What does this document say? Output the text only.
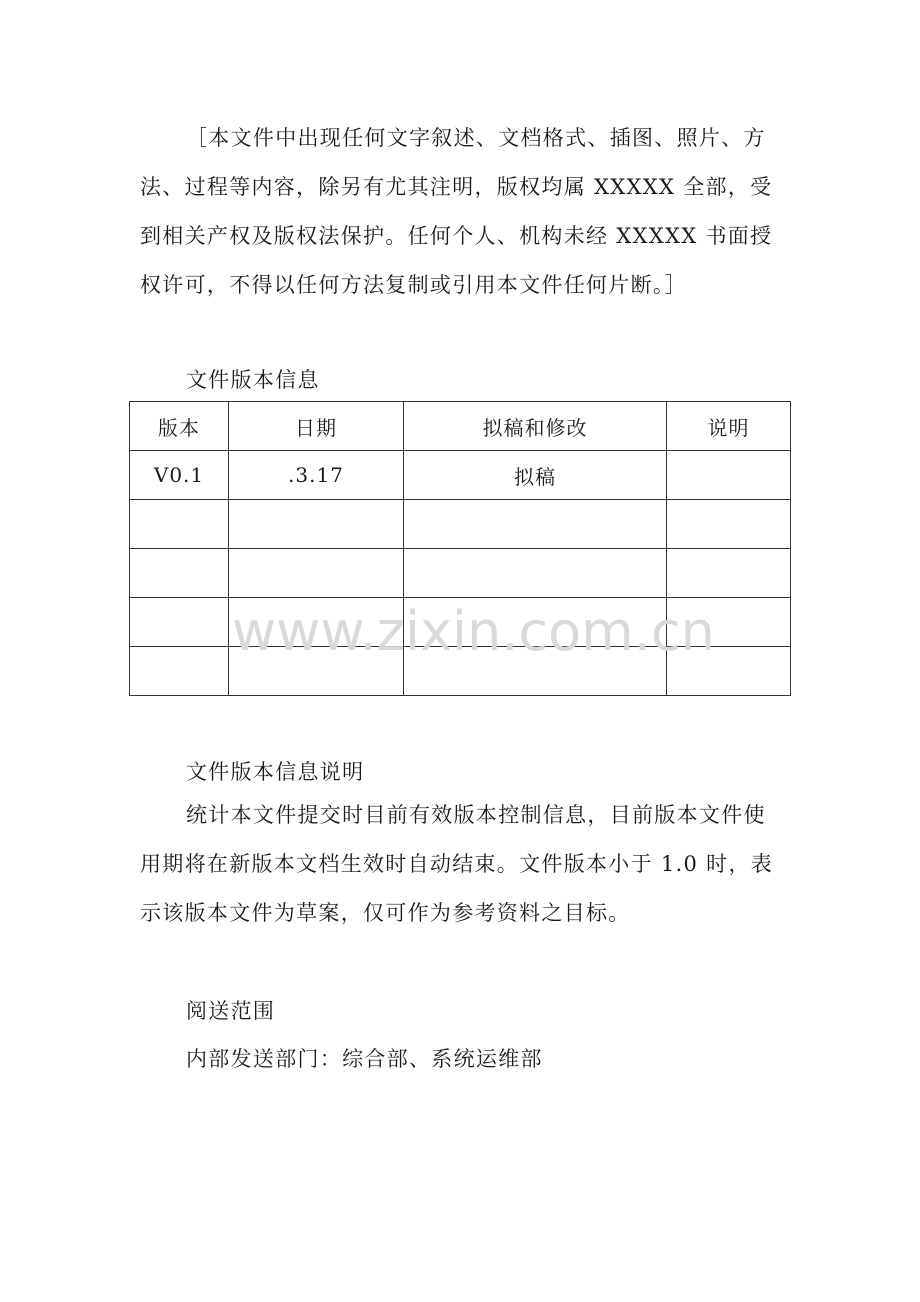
［本文件中出现任何文字叙述、文档格式、插图、照片、方法、过程等内容，除另有尤其注明，版权均属 XXXXX 全部，受到相关产权及版权法保护。任何个人、机构未经 XXXXX 书面授权许可，不得以任何方法复制或引用本文件任何片断。］

文件版本信息

版本	日期	拟稿和修改	说明
V0.1	.3.17	拟稿	

www.zixin.com.cn

文件版本信息说明

统计本文件提交时目前有效版本控制信息，目前版本文件使用期将在新版本文档生效时自动结束。文件版本小于 1.0 时，表示该版本文件为草案，仅可作为参考资料之目标。

阅送范围

内部发送部门：综合部、系统运维部
